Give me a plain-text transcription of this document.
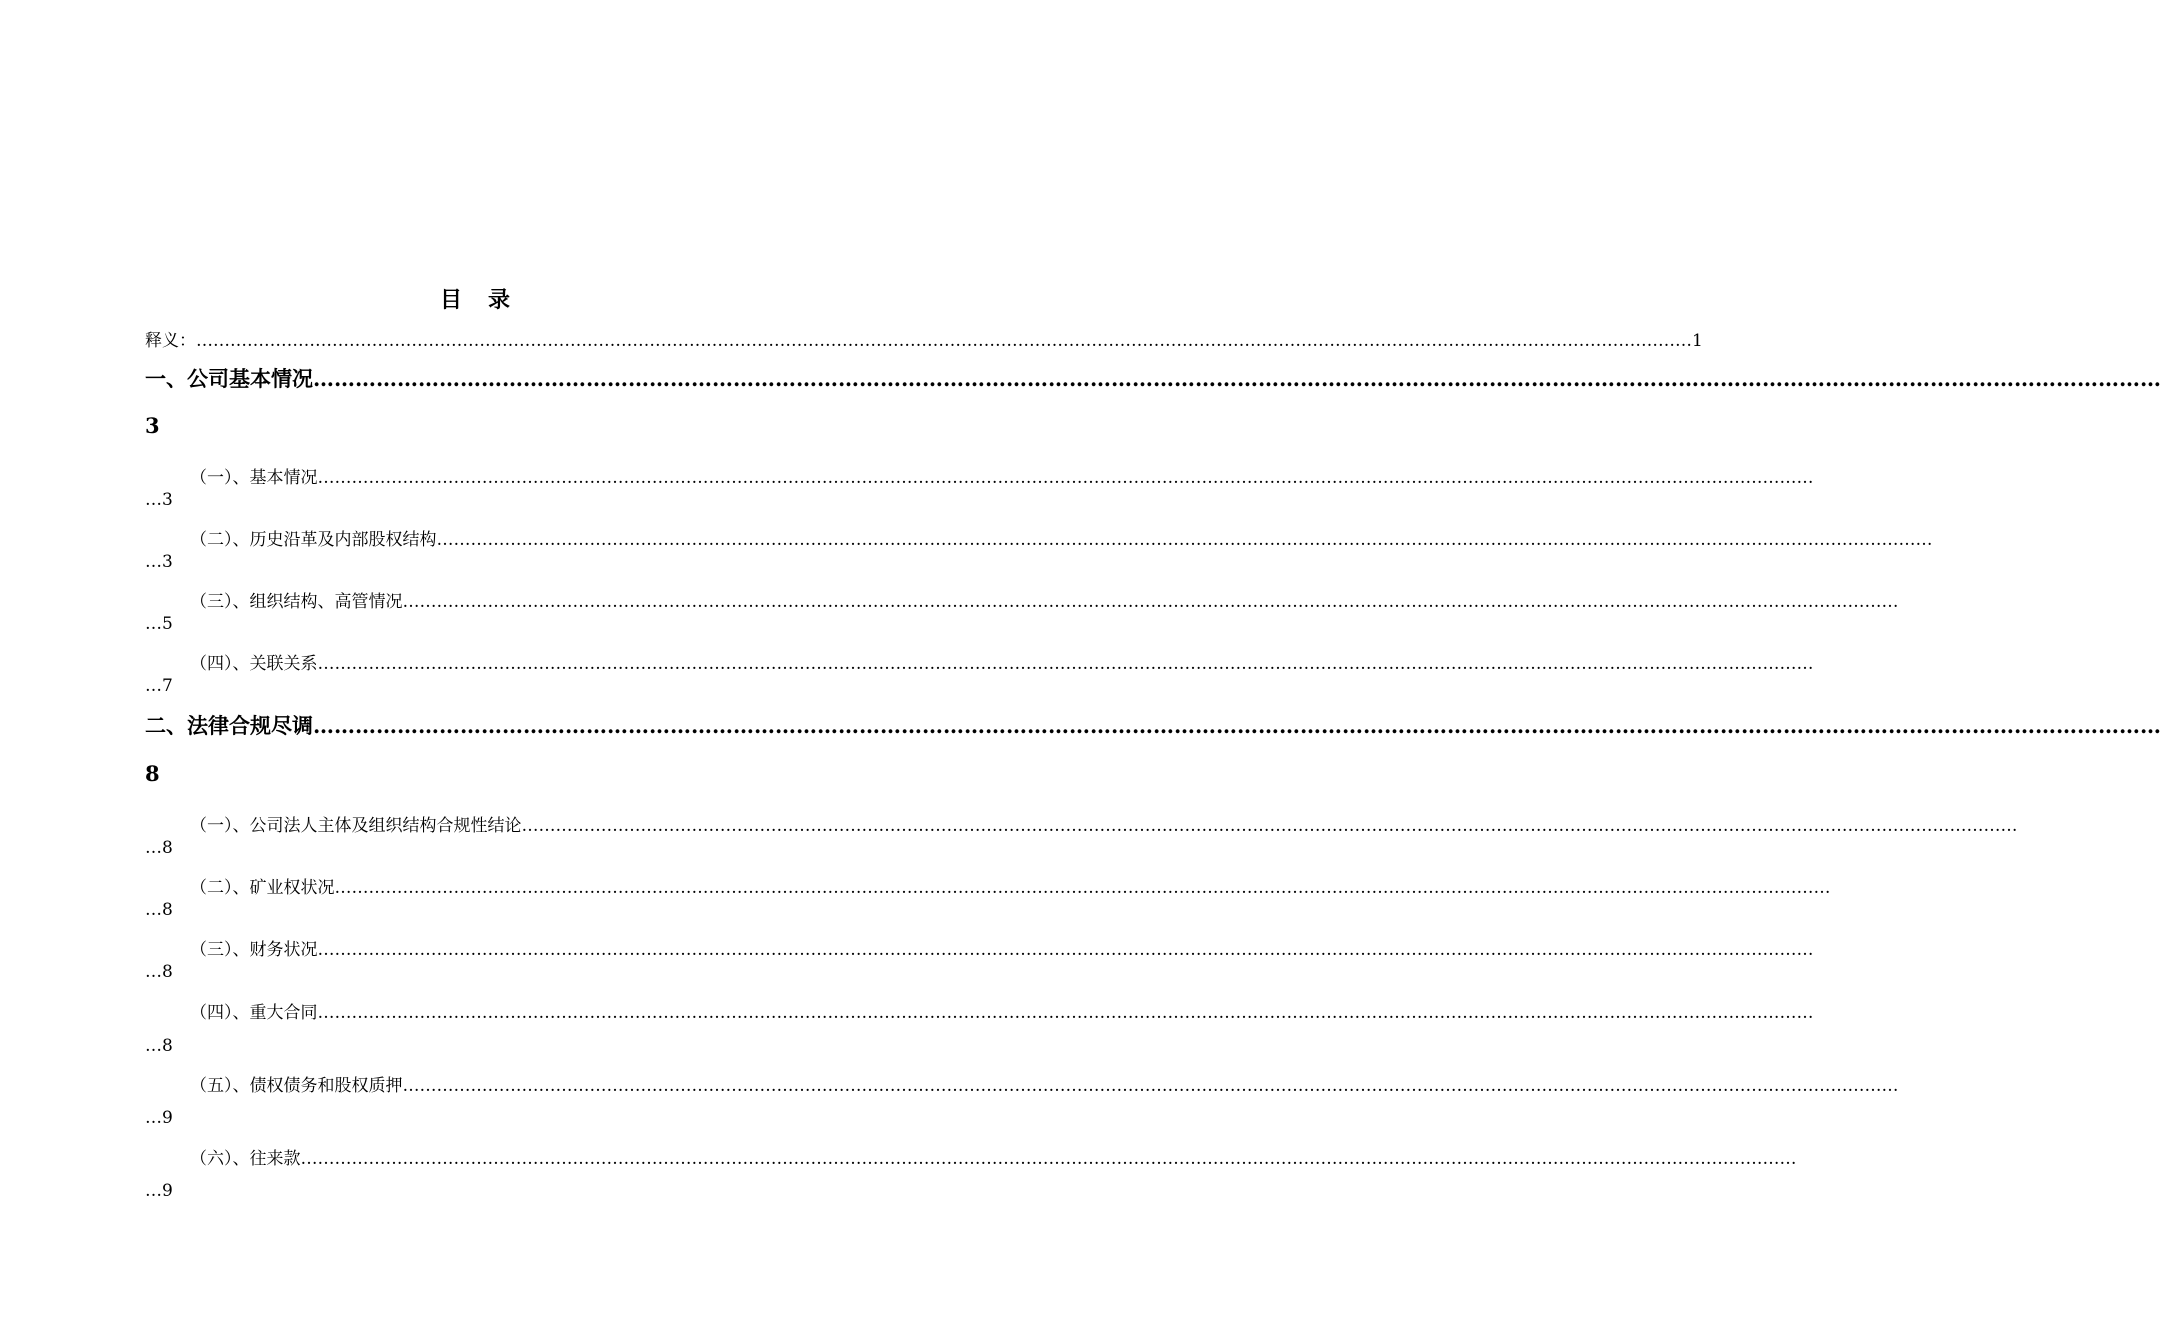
目 录
释义： ………………………………………………………………………………………………………………………………………………………………………………………………………………………………………… 1
一、公司基本情况 …………………………………………………………………………………………………………………………………………………………………………………………………………………………………………
3
（一）、基本情况 …………………………………………………………………………………………………………………………………………………………………………………………………………………………………………
…3
（二）、历史沿革及内部股权结构 …………………………………………………………………………………………………………………………………………………………………………………………………………………………………………
…3
（三）、组织结构、高管情况 …………………………………………………………………………………………………………………………………………………………………………………………………………………………………………
…5
（四）、关联关系 …………………………………………………………………………………………………………………………………………………………………………………………………………………………………………
…7
二、法律合规尽调 …………………………………………………………………………………………………………………………………………………………………………………………………………………………………………
8
（一）、公司法人主体及组织结构合规性结论 …………………………………………………………………………………………………………………………………………………………………………………………………………………………………………
…8
（二）、矿业权状况 …………………………………………………………………………………………………………………………………………………………………………………………………………………………………………
…8
（三）、财务状况 …………………………………………………………………………………………………………………………………………………………………………………………………………………………………………
…8
（四）、重大合同 …………………………………………………………………………………………………………………………………………………………………………………………………………………………………………
…8
（五）、债权债务和股权质押 …………………………………………………………………………………………………………………………………………………………………………………………………………………………………………
…9
（六）、往来款 …………………………………………………………………………………………………………………………………………………………………………………………………………………………………………
…9
